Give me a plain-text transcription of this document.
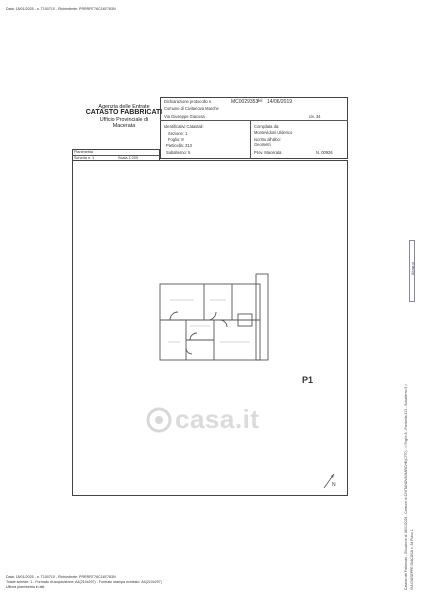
Data: 18/01/2025 - n. T100710 - Richiedente: PRRRRT76C14E783N
Agenzia delle Entrate
CATASTO FABBRICATI
Ufficio Provinciale di
Macerata
Dichiarazione protocollo n.	MC0029353
del 14/06/2019
Comune di Civitanova Marche
Via Giuseppe Giacosa	civ. 34
Identificativi Catastali:
Sezione: 1
Foglio: 8
Particella: 313
Subalterno: 5
Compilata da:
Montevidoni Ulderico
Iscritto all'albo:
Geometri
Prov. Macerata	N. 00926
Planimetria
Scheda n. 1	Scala 1:200
P1
casa.it
N
Ultima pl
Catasto dei Fabbricati - Situazione al 18/01/2025 - Comune di CIVITANOVA MARCHE(C770) - < Foglio 8 - Particella 313 - Subalterno 5 > VIA GIUSEPPE GIACOSA n. 34 Piano 1
Data: 18/01/2025 - n. T100710 - Richiedente: PRRRRT76C14E783N
Totale schede: 1 - Formato di acquisizione: A4(210x297) - Formato stampa richiesto: A4(210x297)
Ultima planimetria in atti
